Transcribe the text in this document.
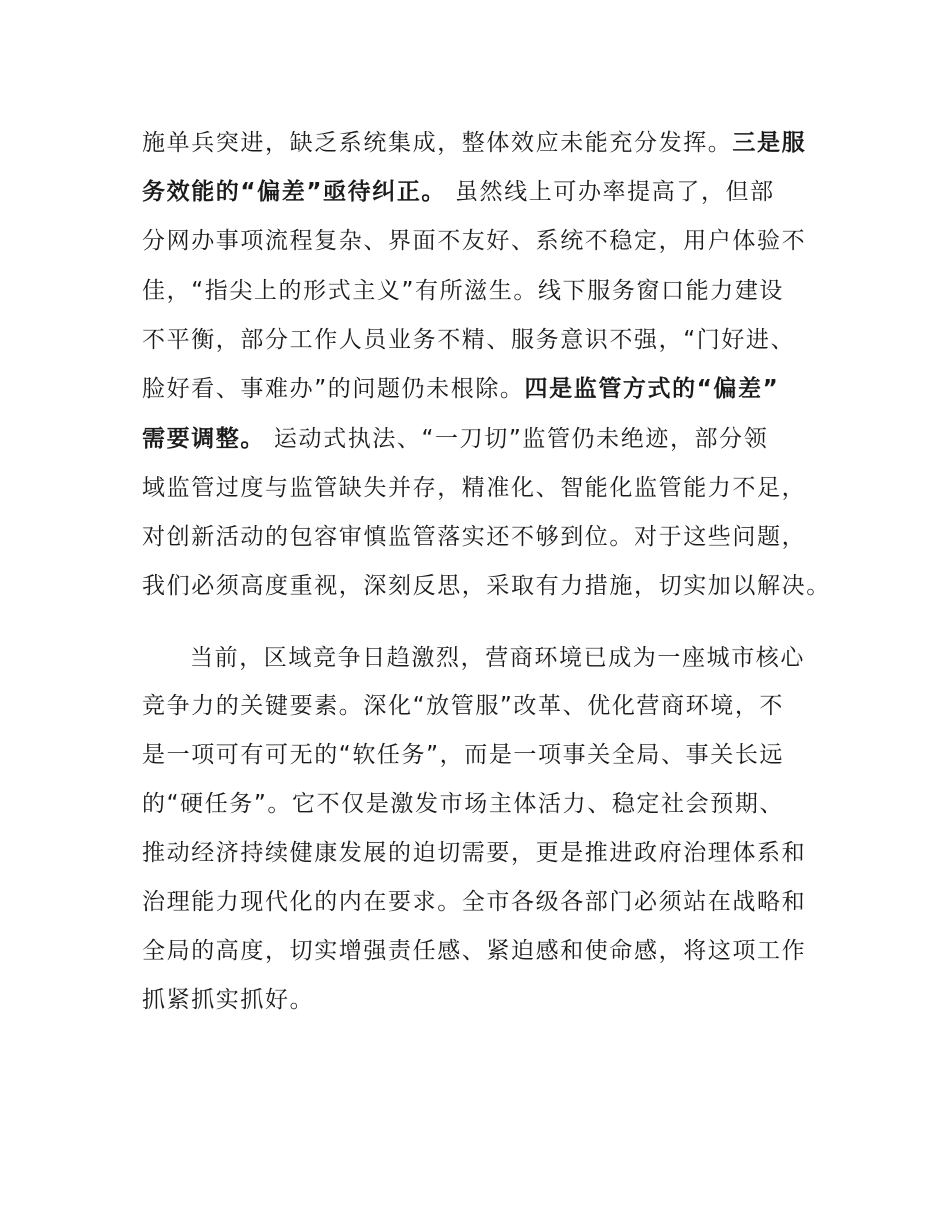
施单兵突进，缺乏系统集成，整体效应未能充分发挥。三是服
务效能的“偏差”亟待纠正。 虽然线上可办率提高了，但部
分网办事项流程复杂、界面不友好、系统不稳定，用户体验不
佳，“指尖上的形式主义”有所滋生。线下服务窗口能力建设
不平衡，部分工作人员业务不精、服务意识不强，“门好进、
脸好看、事难办”的问题仍未根除。四是监管方式的“偏差”
需要调整。 运动式执法、“一刀切”监管仍未绝迹，部分领
域监管过度与监管缺失并存，精准化、智能化监管能力不足，
对创新活动的包容审慎监管落实还不够到位。对于这些问题，
我们必须高度重视，深刻反思，采取有力措施，切实加以解决。
当前，区域竞争日趋激烈，营商环境已成为一座城市核心
竞争力的关键要素。深化“放管服”改革、优化营商环境，不
是一项可有可无的“软任务”，而是一项事关全局、事关长远
的“硬任务”。它不仅是激发市场主体活力、稳定社会预期、
推动经济持续健康发展的迫切需要，更是推进政府治理体系和
治理能力现代化的内在要求。全市各级各部门必须站在战略和
全局的高度，切实增强责任感、紧迫感和使命感，将这项工作
抓紧抓实抓好。
